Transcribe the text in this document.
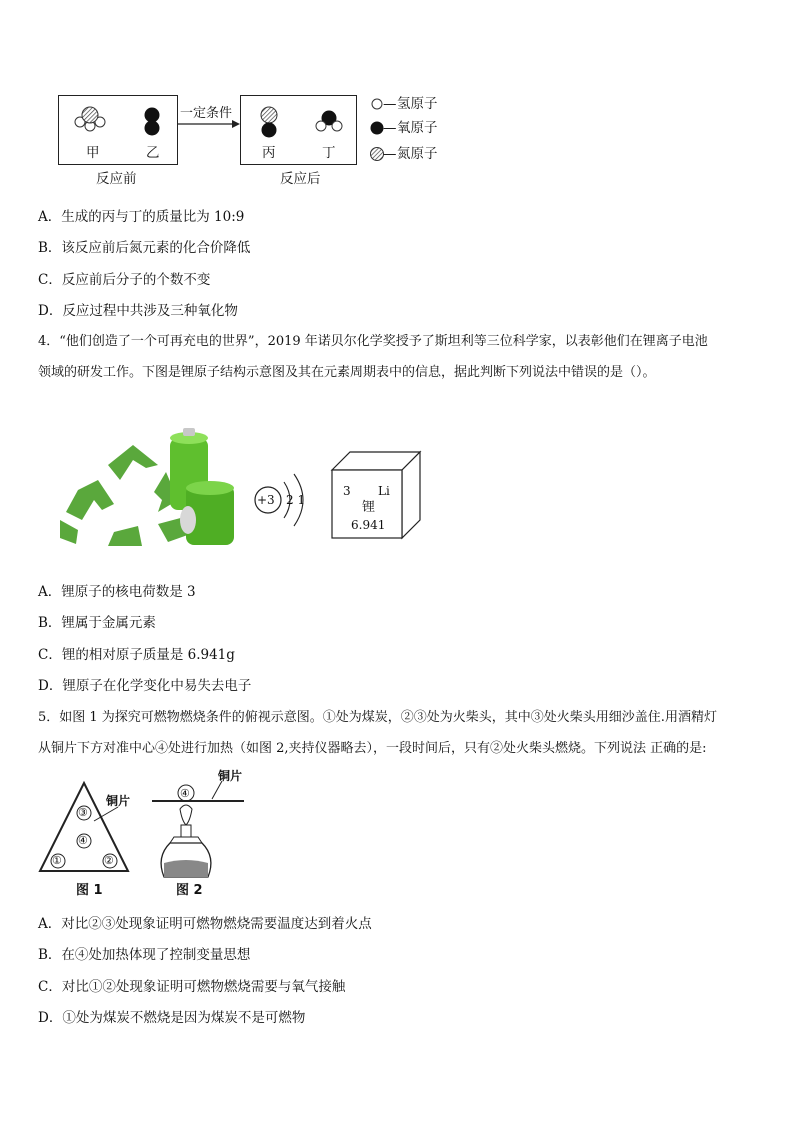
一定条件
甲	乙	丙	丁
反应前	反应后
— 氢原子
— 氧原子
— 氮原子
A．生成的丙与丁的质量比为 10:9
B．该反应前后氮元素的化合价降低
C．反应前后分子的个数不变
D．反应过程中共涉及三种氧化物
4．“他们创造了一个可再充电的世界”，2019 年诺贝尔化学奖授予了斯坦利等三位科学家，以表彰他们在锂离子电池
领域的研发工作。下图是锂原子结构示意图及其在元素周期表中的信息，据此判断下列说法中错误的是（）。
+3 2 1
3 Li
锂
6.941
A．锂原子的核电荷数是 3
B．锂属于金属元素
C．锂的相对原子质量是 6.941g
D．锂原子在化学变化中易失去电子
5．如图 1 为探究可燃物燃烧条件的俯视示意图。①处为煤炭，②③处为火柴头，其中③处火柴头用细沙盖住.用酒精灯
从铜片下方对准中心④处进行加热（如图 2,夹持仪器略去），一段时间后，只有②处火柴头燃烧。下列说法 正确的是:
③
④
①	②
铜片
图 1
④
铜片
图 2
A．对比②③处现象证明可燃物燃烧需要温度达到着火点
B．在④处加热体现了控制变量思想
C．对比①②处现象证明可燃物燃烧需要与氧气接触
D．①处为煤炭不燃烧是因为煤炭不是可燃物
